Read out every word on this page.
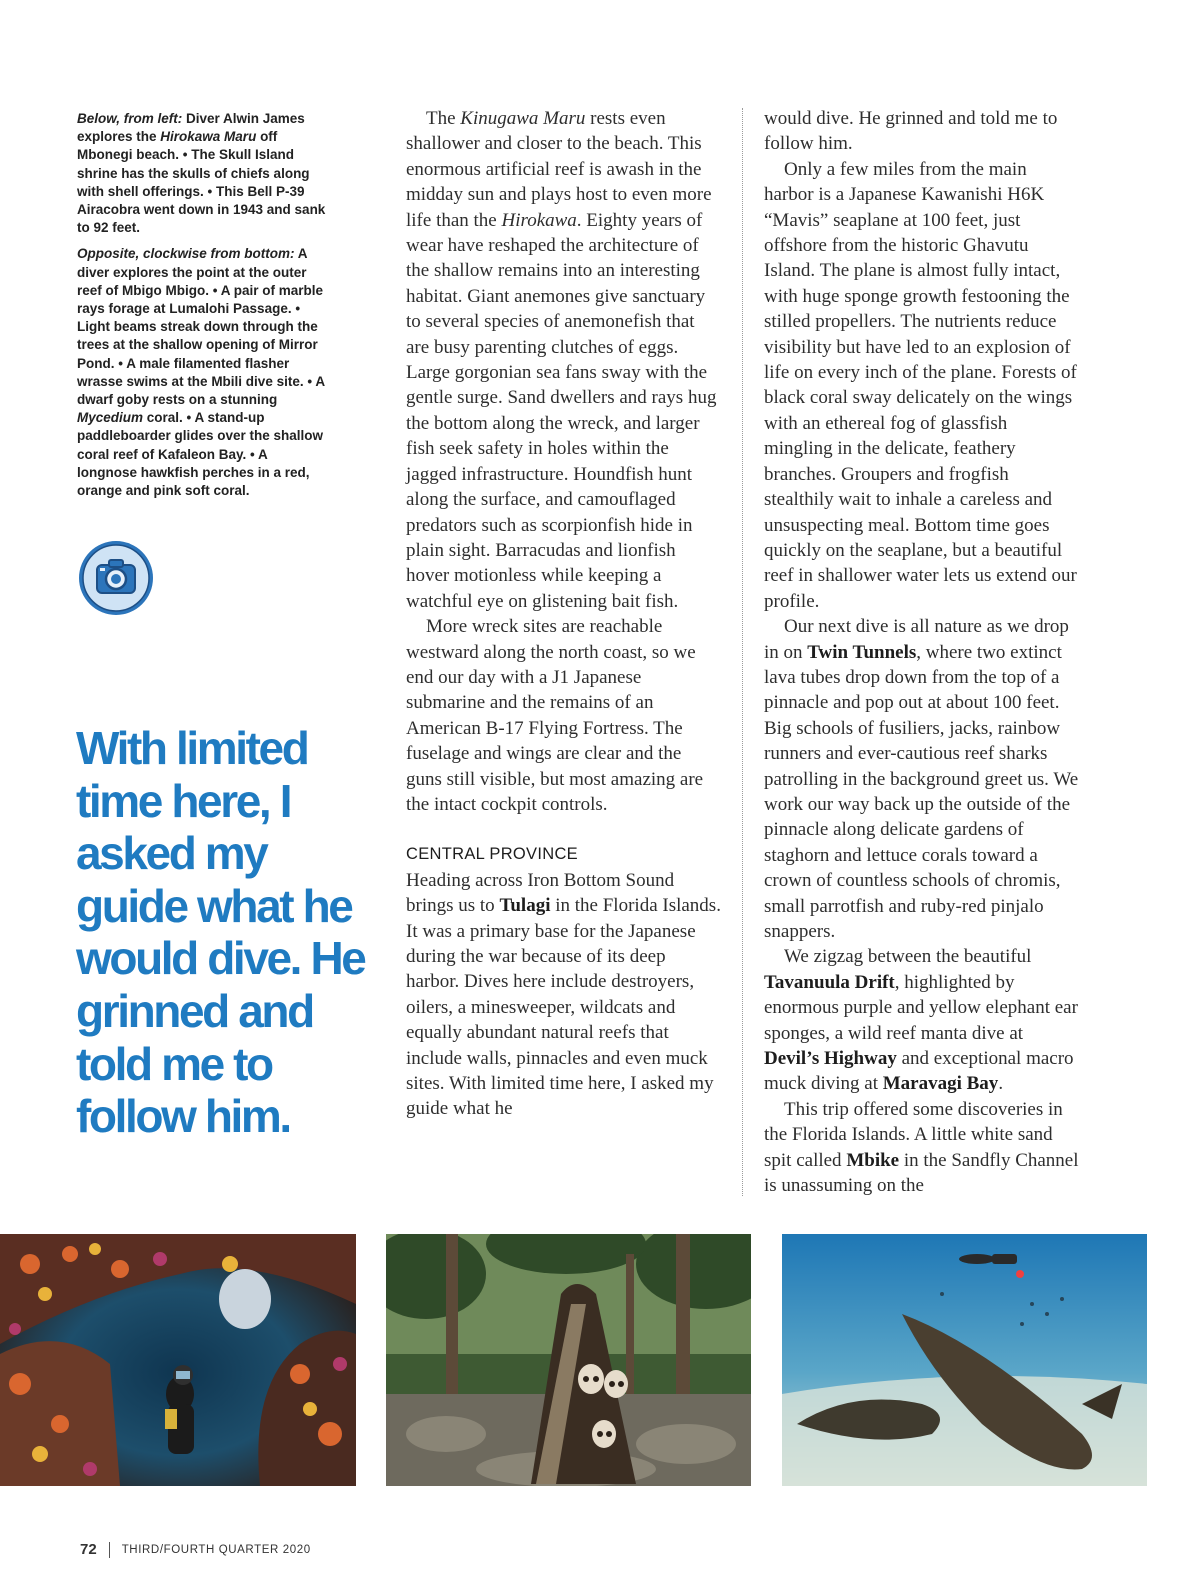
Below, from left: Diver Alwin James explores the Hirokawa Maru off Mbonegi beach. • The Skull Island shrine has the skulls of chiefs along with shell offerings. • This Bell P-39 Airacobra went down in 1943 and sank to 92 feet.

Opposite, clockwise from bottom: A diver explores the point at the outer reef of Mbigo Mbigo. • A pair of marble rays forage at Lumalohi Passage. • Light beams streak down through the trees at the shallow opening of Mirror Pond. • A male filamented flasher wrasse swims at the Mbili dive site. • A dwarf goby rests on a stunning Mycedium coral. • A stand-up paddleboarder glides over the shallow coral reef of Kafaleon Bay. • A longnose hawkfish perches in a red, orange and pink soft coral.

With limited time here, I asked my guide what he would dive. He grinned and told me to follow him.

The Kinugawa Maru rests even shallower and closer to the beach. This enormous artificial reef is awash in the midday sun and plays host to even more life than the Hirokawa. Eighty years of wear have reshaped the architecture of the shallow remains into an interesting habitat. Giant anemones give sanctuary to several species of anemonefish that are busy parenting clutches of eggs. Large gorgonian sea fans sway with the gentle surge. Sand dwellers and rays hug the bottom along the wreck, and larger fish seek safety in holes within the jagged infrastructure. Houndfish hunt along the surface, and camouflaged predators such as scorpionfish hide in plain sight. Barracudas and lionfish hover motionless while keeping a watchful eye on glistening bait fish.

More wreck sites are reachable westward along the north coast, so we end our day with a J1 Japanese submarine and the remains of an American B-17 Flying Fortress. The fuselage and wings are clear and the guns still visible, but most amazing are the intact cockpit controls.

CENTRAL PROVINCE

Heading across Iron Bottom Sound brings us to Tulagi in the Florida Islands. It was a primary base for the Japanese during the war because of its deep harbor. Dives here include destroyers, oilers, a minesweeper, wildcats and equally abundant natural reefs that include walls, pinnacles and even muck sites. With limited time here, I asked my guide what he

would dive. He grinned and told me to follow him.

Only a few miles from the main harbor is a Japanese Kawanishi H6K “Mavis” seaplane at 100 feet, just offshore from the historic Ghavutu Island. The plane is almost fully intact, with huge sponge growth festooning the stilled propellers. The nutrients reduce visibility but have led to an explosion of life on every inch of the plane. Forests of black coral sway delicately on the wings with an ethereal fog of glassfish mingling in the delicate, feathery branches. Groupers and frogfish stealthily wait to inhale a careless and unsuspecting meal. Bottom time goes quickly on the seaplane, but a beautiful reef in shallower water lets us extend our profile.

Our next dive is all nature as we drop in on Twin Tunnels, where two extinct lava tubes drop down from the top of a pinnacle and pop out at about 100 feet. Big schools of fusiliers, jacks, rainbow runners and ever-cautious reef sharks patrolling in the background greet us. We work our way back up the outside of the pinnacle along delicate gardens of staghorn and lettuce corals toward a crown of countless schools of chromis, small parrotfish and ruby-red pinjalo snappers.

We zigzag between the beautiful Tavanuula Drift, highlighted by enormous purple and yellow elephant ear sponges, a wild reef manta dive at Devil’s Highway and exceptional macro muck diving at Maravagi Bay.

This trip offered some discoveries in the Florida Islands. A little white sand spit called Mbike in the Sandfly Channel is unassuming on the

72 THIRD/FOURTH QUARTER 2020
